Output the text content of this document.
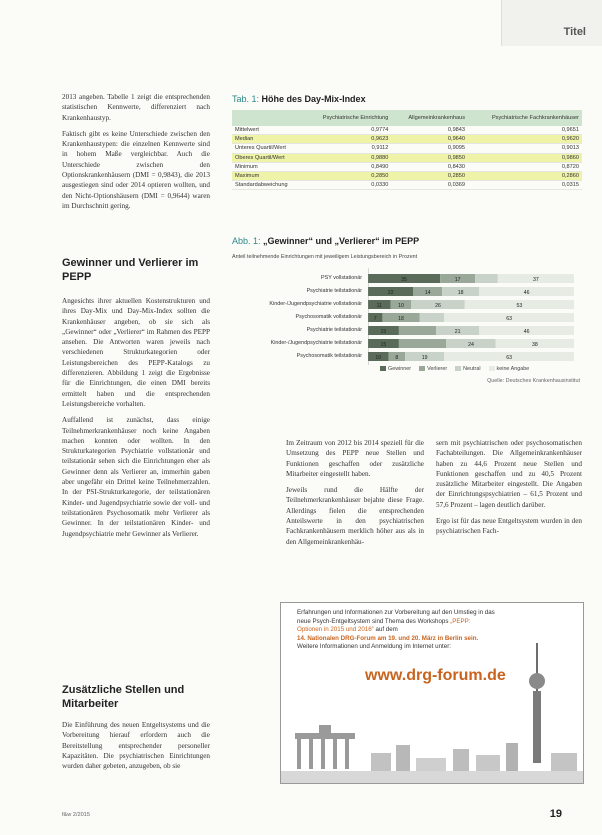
Titel

2013 angeben. Tabelle 1 zeigt die entsprechenden statistischen Kennwerte, differenziert nach Krankenhaustyp.

Faktisch gibt es keine Unterschiede zwischen den Krankenhaustypen: die einzelnen Kennwerte sind in hohem Maße vergleichbar. Auch die Unterschiede zwischen den Optionskrankenhäusern (DMI = 0,9843), die 2013 ausgestiegen sind oder 2014 optieren wollten, und den Nicht-Optionshäusern (DMI = 0,9644) waren im Durchschnitt gering.

Gewinner und Verlierer im PEPP

Angesichts ihrer aktuellen Kostenstrukturen und ihres Day-Mix und Day-Mix-Index sollten die Krankenhäuser angeben, ob sie sich als „Gewinner“ oder „Verlierer“ im Rahmen des PEPP ansehen. Die Antworten waren jeweils nach verschiedenen Strukturkategorien oder Leistungsbereichen des PEPP-Katalogs zu differenzieren. Abbildung 1 zeigt die Ergebnisse für die Einrichtungen, die einen DMI bereits ermittelt haben und die entsprechenden Leistungsbereiche vorhalten.

Auffallend ist zunächst, dass einige Teilnehmerkrankenhäuser noch keine Angaben machen konnten oder wollten. In den Strukturkategorien Psychiatrie vollstationär und teilstationär sehen sich die Einrichtungen eher als Gewinner denn als Verlierer an, immerhin gaben aber ungefähr ein Drittel keine Teilnehmerzahlen. In der PSI-Strukturkategorie, der teilstationären Kinder- und Jugendpsychiatrie sowie der voll- und teilstationären Psychosomatik mehr Verlierer als Gewinner. In der teilstationären Kinder- und Jugendpsychiatrie mehr Gewinner als Verlierer.

Zusätzliche Stellen und Mitarbeiter

Die Einführung des neuen Entgeltsystems und die Vorbereitung hierauf erfordern auch die Bereitstellung entsprechender personeller Kapazitäten. Die psychiatrischen Einrichtungen wurden daher gebeten, anzugeben, ob sie

Tab. 1: Höhe des Day-Mix-Index
	Psychiatrische Einrichtung	Allgemeinkrankenhaus	Psychiatrische Fachkrankenhäuser
Mittelwert	0,9774	0,9843	0,9651
Median	0,9623	0,9640	0,9620
Unteres Quartil/Wert	0,9112	0,9095	0,9013
Oberes Quartil/Wert	0,9880	0,9850	0,9860
Minimum	0,8490	0,8430	0,8720
Maximum	0,2850	0,2850	0,2860
Standardabweichung	0,0330	0,0369	0,0315
Abb. 1: „Gewinner“ und „Verlierer“ im PEPP
Anteil teilnehmende Einrichtungen mit jeweiligem Leistungsbereich in Prozent
PSY vollstationär
Psychiatrie teilstationär
Kinder-/Jugendpsychiatrie vollstationär
Psychosomatik vollstationär
Psychiatrie teilstationär
Kinder-/Jugendpsychiatrie teilstationär
Psychosomatik teilstationär
35	17	37
22	14	18	46
11	10	26	53
7	18	63
15	21	46
15	24	38
10	8	19	63
Gewinner	Verlierer	Neutral	keine Angabe
Quelle: Deutsches Krankenhausinstitut

Im Zeitraum von 2012 bis 2014 speziell für die Umsetzung des PEPP neue Stellen und Funktionen geschaffen oder zusätzliche Mitarbeiter eingestellt haben.

Jeweils rund die Hälfte der Teilnehmerkrankenhäuser bejahte diese Frage. Allerdings fielen die entsprechenden Anteilswerte in den psychiatrischen Fachkrankenhäusern merklich höher aus als in den Allgemeinkrankenhäu-

sern mit psychiatrischen oder psychosomatischen Fachabteilungen. Die Allgemeinkrankenhäuser haben zu 44,6 Prozent neue Stellen und Funktionen geschaffen und zu 40,5 Prozent zusätzliche Mitarbeiter eingestellt. Die Angaben der Einrichtungspsychiatrien – 61,5 Prozent und 57,6 Prozent – lagen deutlich darüber.

Ergo ist für das neue Entgeltsystem wurden in den psychiatrischen Fach-

Erfahrungen und Informationen zur Vorbereitung auf den Umstieg in das neue Psych-Entgeltsystem sind Thema des Workshops „PEPP: Optionen in 2015 und 2016“ auf dem
14. Nationalen DRG-Forum am 19. und 20. März in Berlin sein.
Weitere Informationen und Anmeldung im Internet unter:
www.drg-forum.de
f&w 2/2015	19
